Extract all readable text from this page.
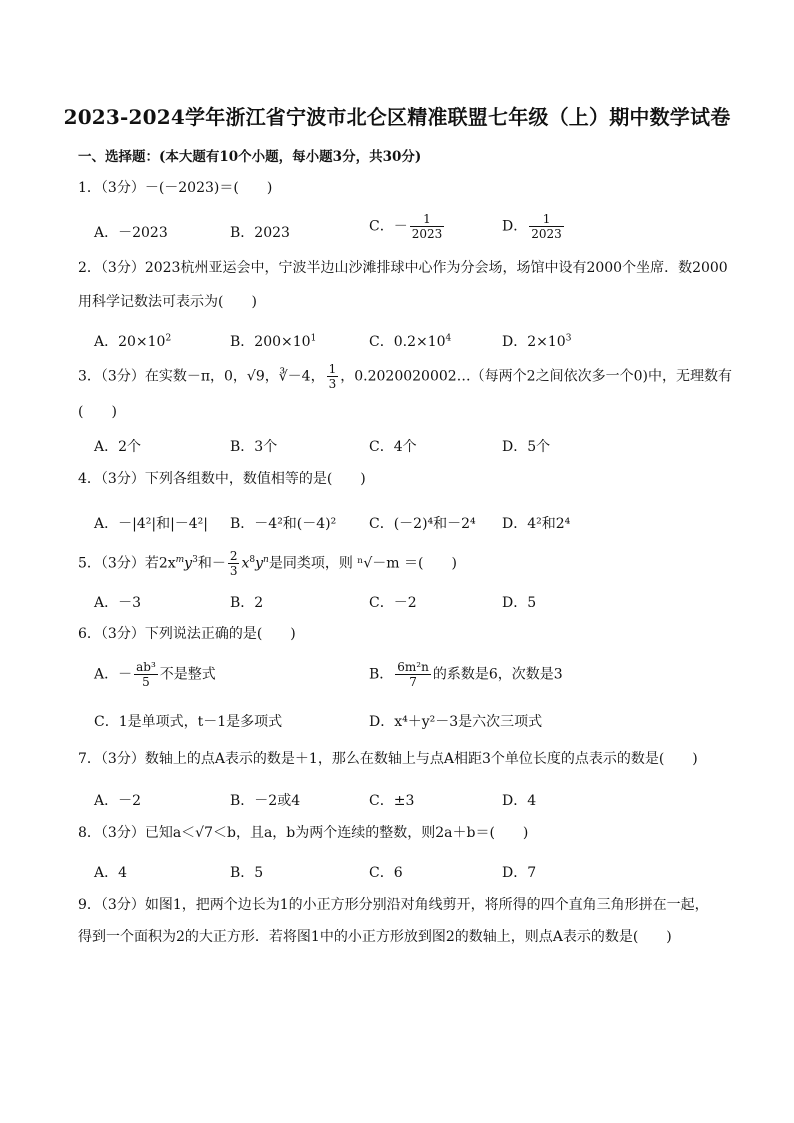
2023-2024学年浙江省宁波市北仑区精准联盟七年级（上）期中数学试卷
一、选择题：(本大题有10个小题，每小题3分，共30分)
1．（3分）－(－2023)＝(　　)
A．－2023	B．2023	C．－ $\frac{1}{2023}$	D． $\frac{1}{2023}$
2．（3分）2023杭州亚运会中，宁波半边山沙滩排球中心作为分会场，场馆中设有2000个坐席．数2000
用科学记数法可表示为(　　)
A．$20\times 10^2$	B．$200\times 10^1$	C．$0.2\times 10^4$	D．$2\times 10^3$
3．（3分）在实数－π，0，√9，∛－4， $\frac{1}{3}$ ，0.2020020002…（每两个2之间依次多一个0)中，无理数有
(　　)
A．2个	B．3个	C．4个	D．5个
4．（3分）下列各组数中，数值相等的是(　　)
A．－|4²|和|－4²| B．－4²和(－4)² C．(－2)⁴和－2⁴ D．4²和2⁴
5．（3分）若$2x^my^3$和－ $\frac{2}{3} x^8y^n$是同类项，则 ⁿ√－m ＝(　　)
A．－3	B．2	C．－2	D．5
6．（3分）下列说法正确的是(　　)
A．－ $\frac{\text{ab³}}{5}$ 不是整式	B． $\frac{\text{6m²n}}{7}$ 的系数是6，次数是3
C．1是单项式，t－1是多项式	D．x⁴＋y²－3是六次三项式
7．（3分）数轴上的点A表示的数是＋1，那么在数轴上与点A相距3个单位长度的点表示的数是(　　)
A．－2	B．－2或4	C．±3	D．4
8．（3分）已知a＜√7＜b，且a，b为两个连续的整数，则2a＋b＝(　　)
A．4	B．5	C．6	D．7
9．（3分）如图1，把两个边长为1的小正方形分别沿对角线剪开，将所得的四个直角三角形拼在一起，
得到一个面积为2的大正方形．若将图1中的小正方形放到图2的数轴上，则点A表示的数是(　　)
